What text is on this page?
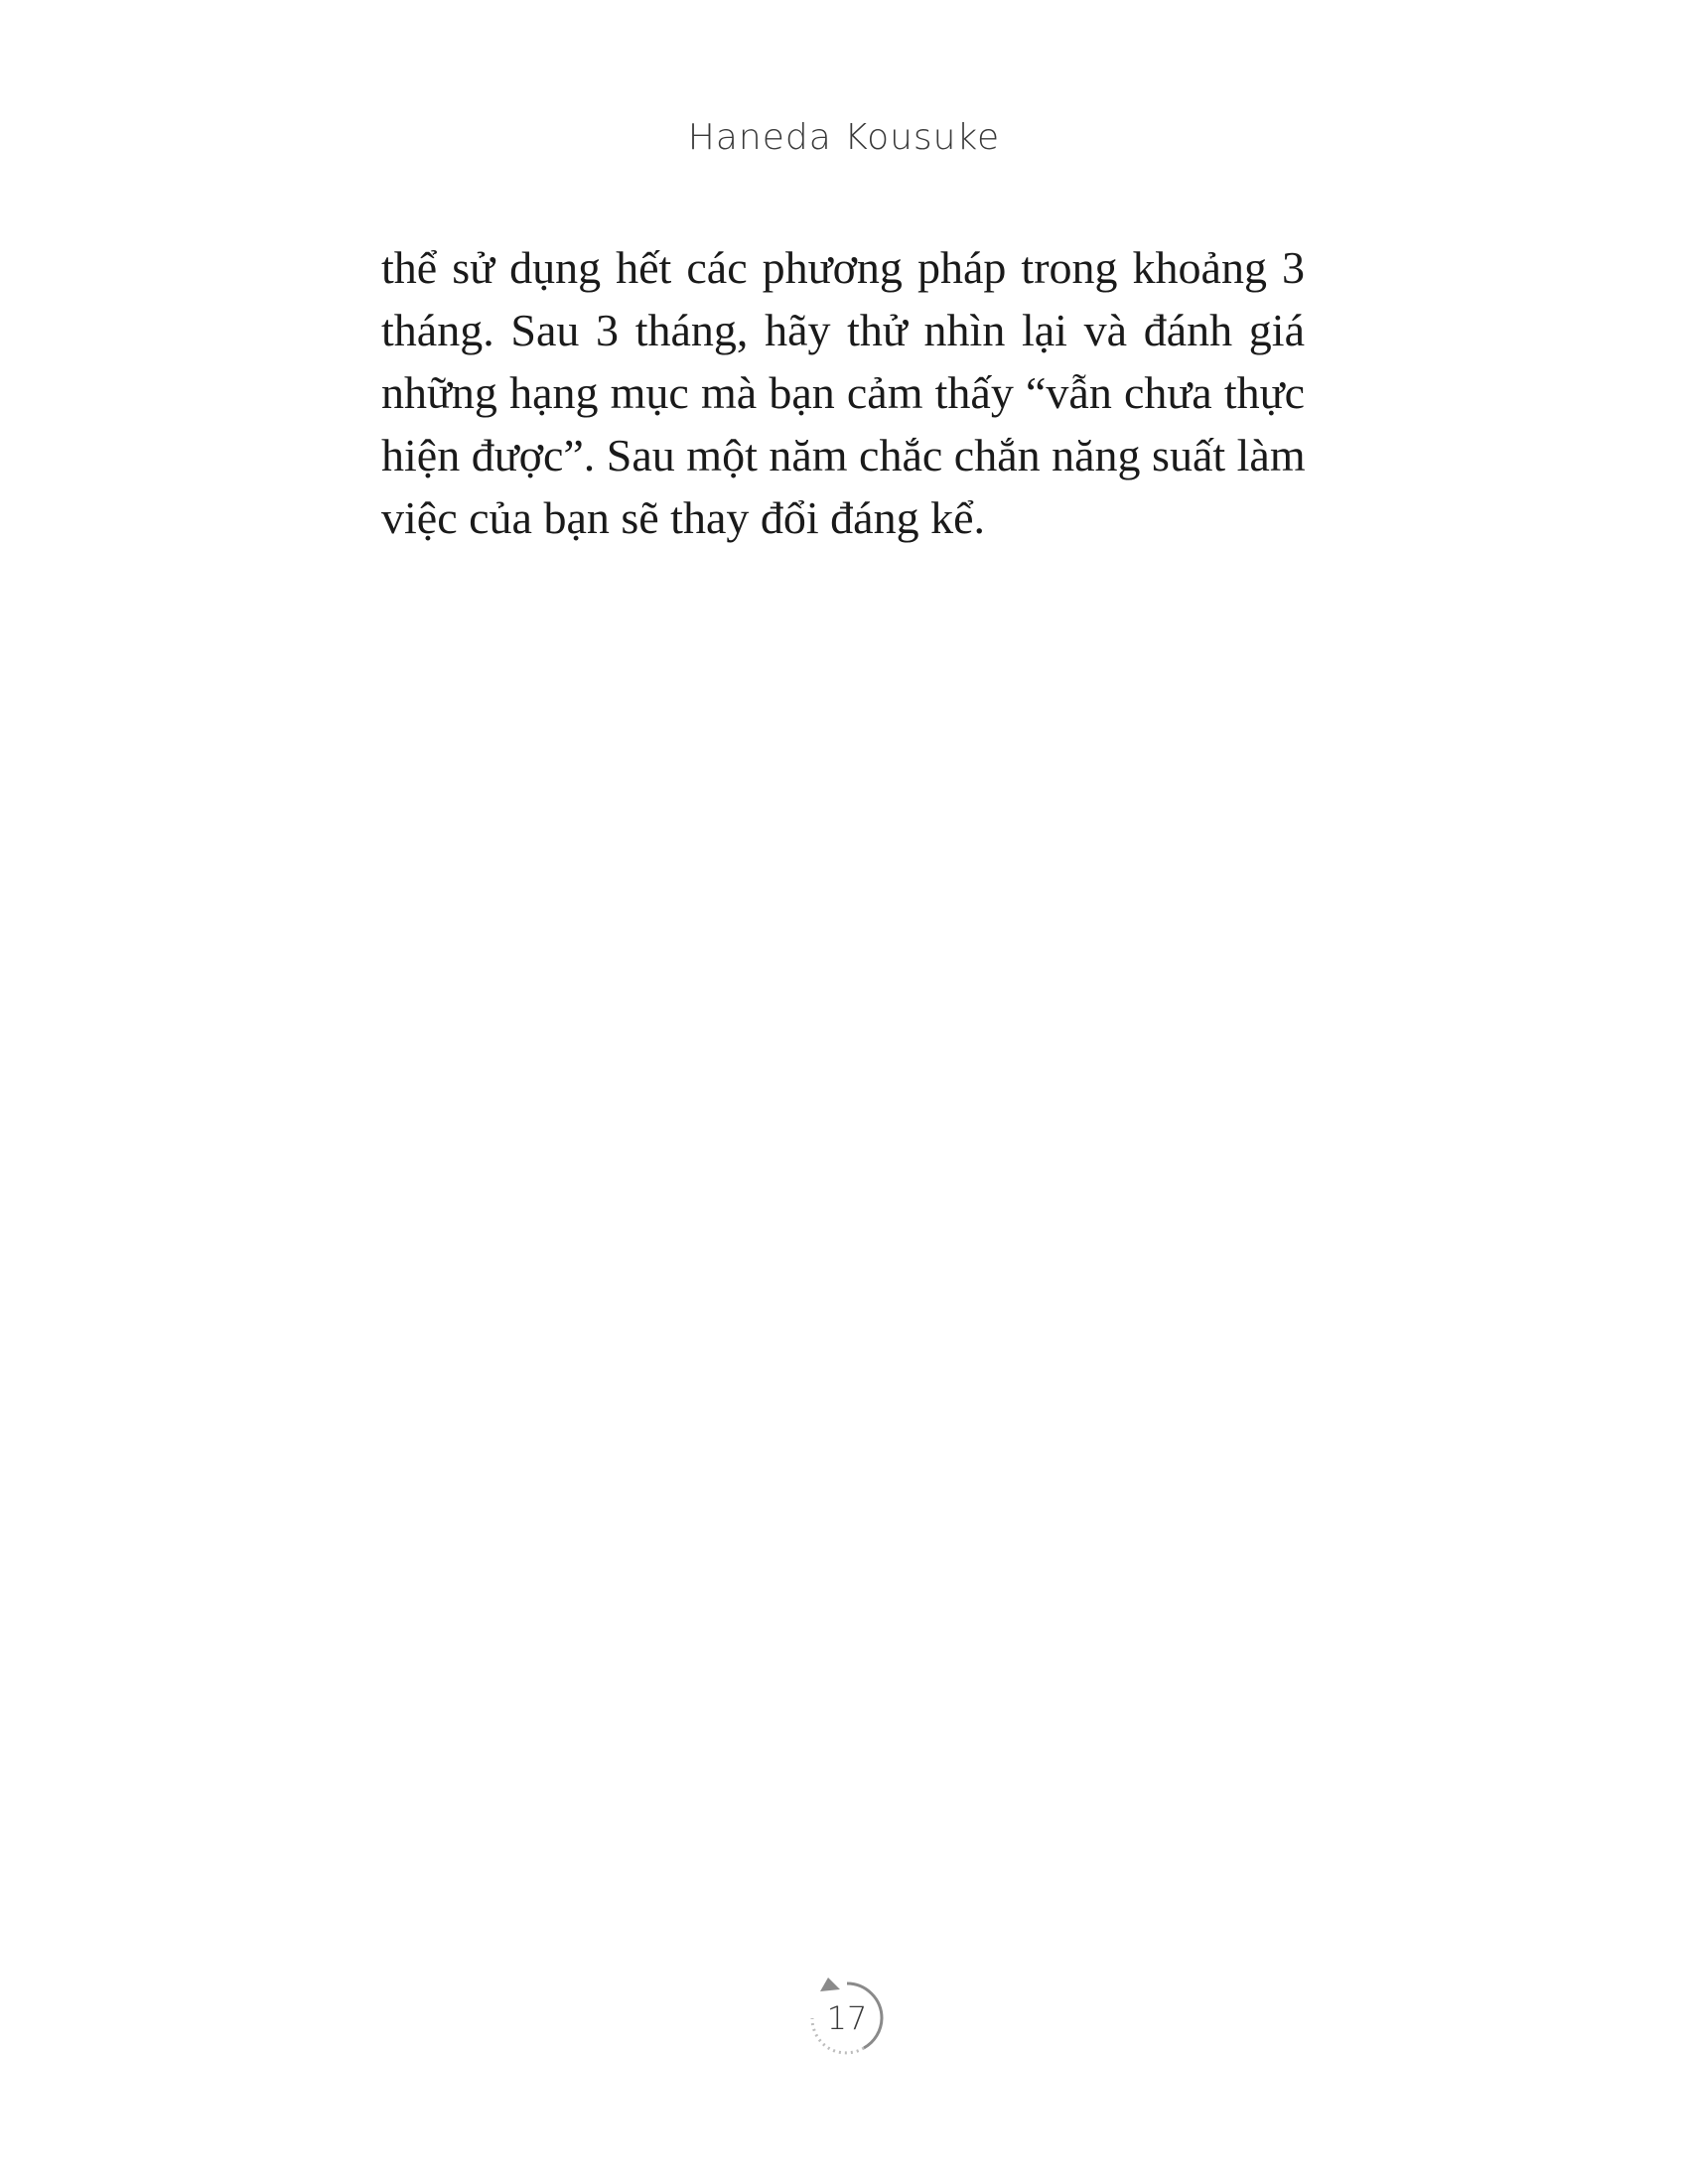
Haneda Kousuke
thể sử dụng hết các phương pháp trong khoảng 3
tháng. Sau 3 tháng, hãy thử nhìn lại và đánh giá
những hạng mục mà bạn cảm thấy “vẫn chưa thực
hiện được”. Sau một năm chắc chắn năng suất làm
việc của bạn sẽ thay đổi đáng kể.
17
